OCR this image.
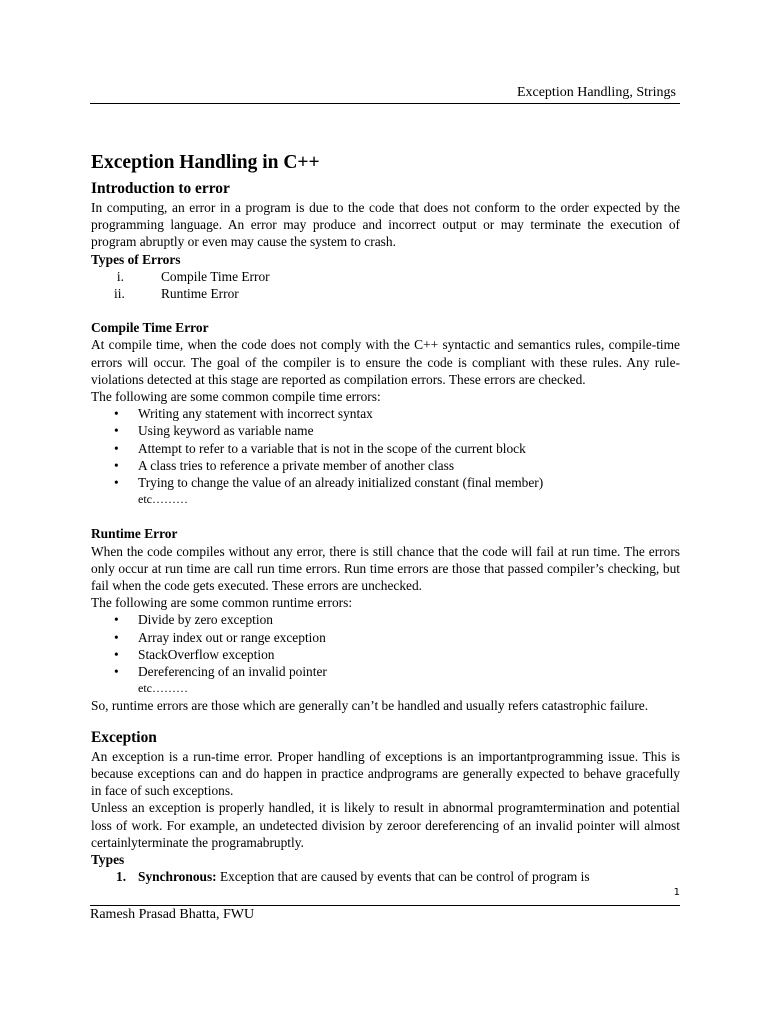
Exception Handling, Strings
Exception Handling in C++
Introduction to error

In computing, an error in a program is due to the code that does not conform to the order expected by the programming language. An error may produce and incorrect output or may terminate the execution of program abruptly or even may cause the system to crash.

Types of Errors
i.	Compile Time Error
ii.	Runtime Error
Compile Time Error

At compile time, when the code does not comply with the C++ syntactic and semantics rules, compile-time errors will occur. The goal of the compiler is to ensure the code is compliant with these rules. Any rule-violations detected at this stage are reported as compilation errors. These errors are checked.

The following are some common compile time errors:

• Writing any statement with incorrect syntax
• Using keyword as variable name
• Attempt to refer to a variable that is not in the scope of the current block
• A class tries to reference a private member of another class
• Trying to change the value of an already initialized constant (final member)
etc………
Runtime Error

When the code compiles without any error, there is still chance that the code will fail at run time. The errors only occur at run time are call run time errors. Run time errors are those that passed compiler’s checking, but fail when the code gets executed. These errors are unchecked.

The following are some common runtime errors:

• Divide by zero exception
• Array index out or range exception
• StackOverflow exception
• Dereferencing of an invalid pointer
etc………

So, runtime errors are those which are generally can’t be handled and usually refers catastrophic failure.

Exception

An exception is a run-time error. Proper handling of exceptions is an importantprogramming issue. This is because exceptions can and do happen in practice andprograms are generally expected to behave gracefully in face of such exceptions.

Unless an exception is properly handled, it is likely to result in abnormal programtermination and potential loss of work. For example, an undetected division by zeroor dereferencing of an invalid pointer will almost certainlyterminate the programabruptly.

Types
1. Synchronous: Exception that are caused by events that can be control of program is
1
Ramesh Prasad Bhatta, FWU
